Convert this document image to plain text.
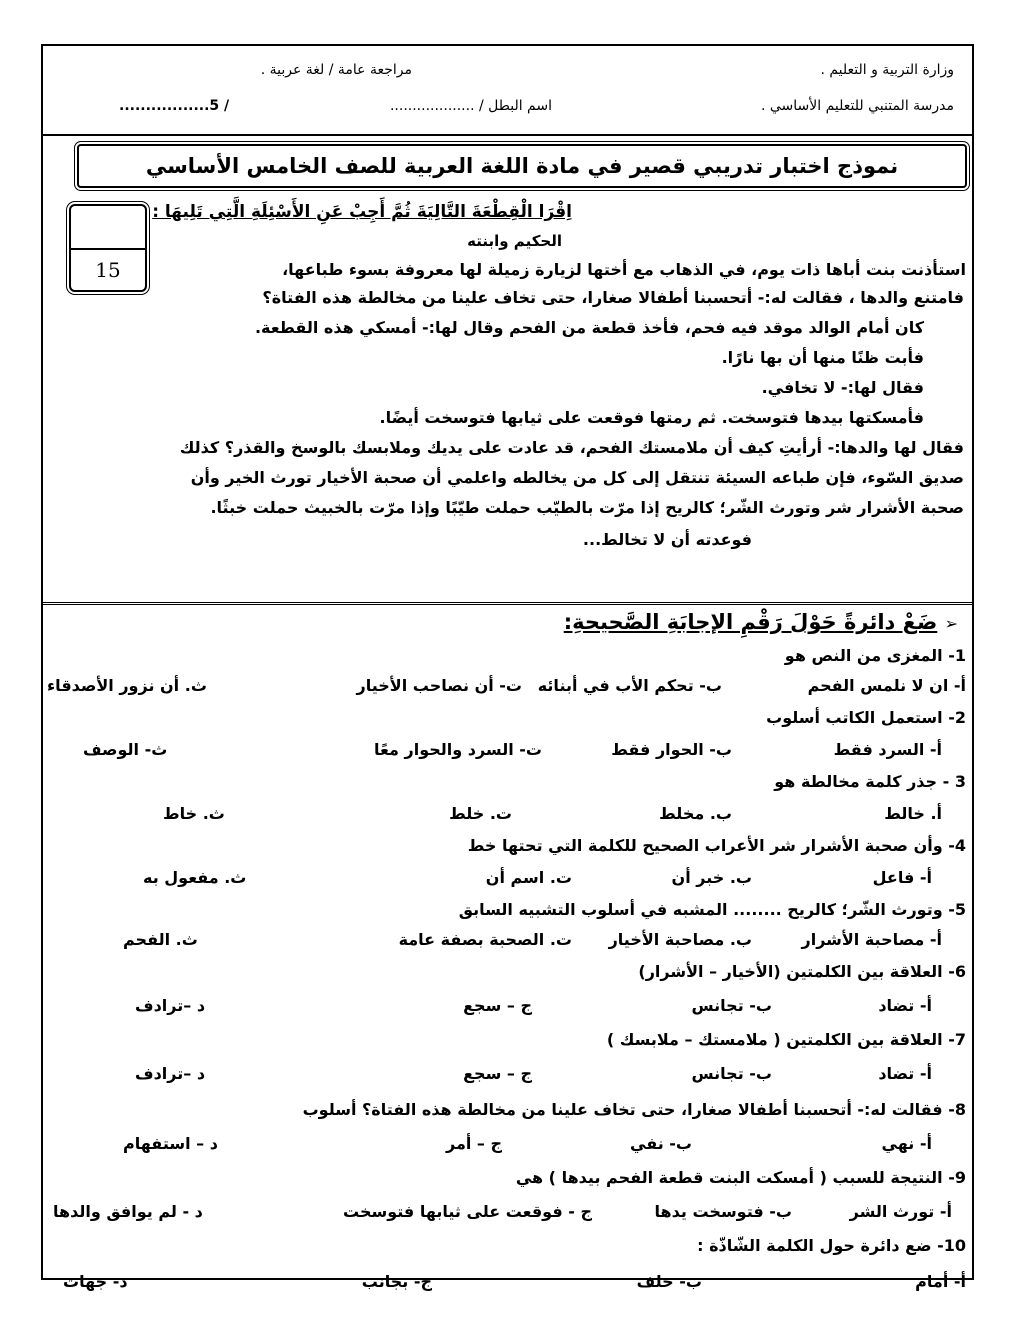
وزارة التربية و التعليم .
مدرسة المتنبي للتعليم الأساسي .
مراجعة عامة / لغة عربية .
اسم البطل / ...................
/ 5.................
نموذج اختبار تدريبي قصير في مادة اللغة العربية للصف الخامس الأساسي
اِقْرَا الْقِطْعَةَ التَّالِيَةَ ثُمَّ أَجِبْ عَنِ الأَسْئِلَةِ الَّتِي تَلِيهَا :
الحكيم وابنته
15	استأذنت بنت أباها ذات يوم، في الذهاب مع أختها لزيارة زميلة لها معروفة بسوء طباعها،
فامتنع والدها ، فقالت له:- أتحسبنا أطفالا صغارا، حتى تخاف علينا من مخالطة هذه الفتاة؟
كان أمام الوالد موقد فيه فحم، فأخذ قطعة من الفحم وقال لها:- أمسكي هذه القطعة.
فأبت ظنًا منها أن بها نارًا.
فقال لها:- لا تخافي.
فأمسكتها بيدها فتوسخت. ثم رمتها فوقعت على ثيابها فتوسخت أيضًا.
فقال لها والدها:- أرأيتِ كيف أن ملامستك الفحم، قد عادت على يديك وملابسك بالوسخ والقذر؟ كذلك
صديق السّوء، فإن طباعه السيئة تنتقل إلى كل من يخالطه واعلمي أن صحبة الأخيار تورث الخير وأن
صحبة الأشرار شر وتورث الشّر؛ كالريح إذا مرّت بالطيّب حملت طيّبًا وإذا مرّت بالخبيث حملت خبثًا.
فوعدته أن لا تخالط...
➢ ضَعْ دائرةً حَوْلَ رَقْمِ الإجابَةِ الصَّحيحةِ:
1- المغزى من النص هو
أ- ان لا نلمس الفحم
ب- تحكم الأب في أبنائه
ت- أن نصاحب الأخيار
ث. أن نزور الأصدقاء
2- استعمل الكاتب أسلوب
أ- السرد فقط
ب- الحوار فقط
ت- السرد والحوار معًا
ث- الوصف
3 - جذر كلمة مخالطة هو
أ. خالط
ب. مخلط
ت. خلط
ث. خاط
4- وأن صحبة الأشرار شر الأعراب الصحيح للكلمة التي تحتها خط
أ- فاعل
ب. خبر أن
ت. اسم أن
ث. مفعول به
5- وتورث الشّر؛ كالريح ........ المشبه في أسلوب التشبيه السابق
أ- مصاحبة الأشرار
ب. مصاحبة الأخيار
ت. الصحبة بصفة عامة
ث. الفحم
6- العلاقة بين الكلمتين (الأخيار – الأشرار)
أ- تضاد
ب- تجانس
ج – سجع
د –ترادف
7- العلاقة بين الكلمتين ( ملامستك – ملابسك )
أ- تضاد
ب- تجانس
ج – سجع
د –ترادف
8- فقالت له:- أتحسبنا أطفالا صغارا، حتى تخاف علينا من مخالطة هذه الفتاة؟ أسلوب
أ- نهي
ب- نفي
ج – أمر
د – استفهام
9- النتيجة للسبب ( أمسكت البنت قطعة الفحم بيدها ) هي
أ- تورث الشر
ب- فتوسخت يدها
ج - فوقعت على ثيابها فتوسخت
د - لم يوافق والدها
10- ضع دائرة حول الكلمة الشّاذّة :
أ- أمام
ب- خلف
ج- بجانب
د- جهات
